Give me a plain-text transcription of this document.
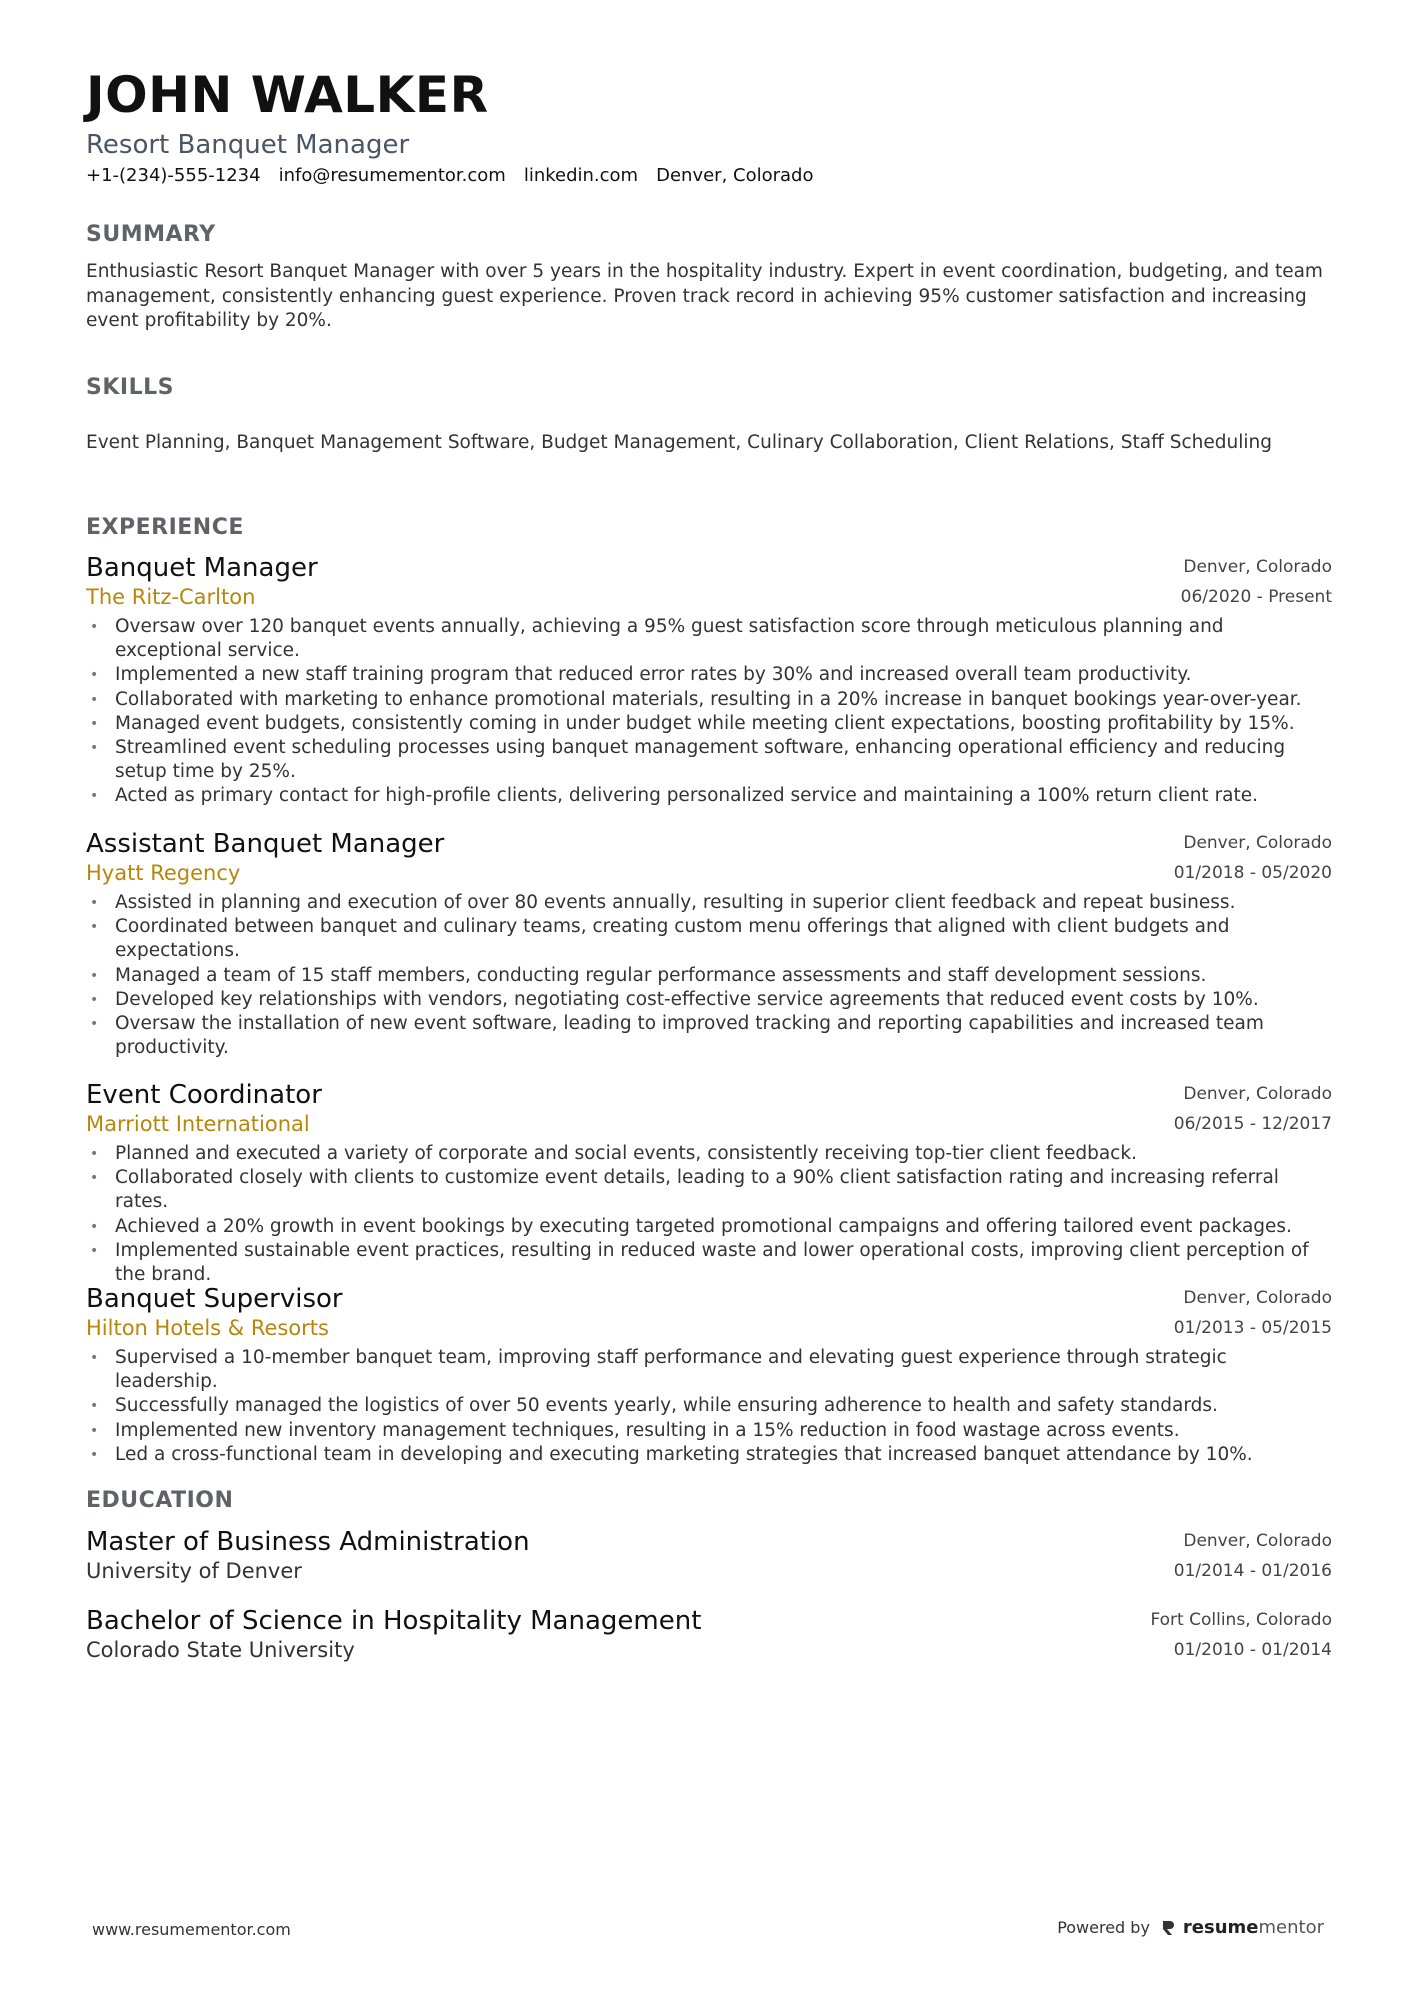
JOHN WALKER
Resort Banquet Manager
+1-(234)-555-1234 info@resumementor.com linkedin.com Denver, Colorado
SUMMARY
Enthusiastic Resort Banquet Manager with over 5 years in the hospitality industry. Expert in event coordination, budgeting, and team management, consistently enhancing guest experience. Proven track record in achieving 95% customer satisfaction and increasing event profitability by 20%.
SKILLS
Event Planning, Banquet Management Software, Budget Management, Culinary Collaboration, Client Relations, Staff Scheduling
EXPERIENCE
Banquet Manager
The Ritz-Carlton
Denver, Colorado
06/2020 - Present
• Oversaw over 120 banquet events annually, achieving a 95% guest satisfaction score through meticulous planning and exceptional service.
• Implemented a new staff training program that reduced error rates by 30% and increased overall team productivity.
• Collaborated with marketing to enhance promotional materials, resulting in a 20% increase in banquet bookings year-over-year.
• Managed event budgets, consistently coming in under budget while meeting client expectations, boosting profitability by 15%.
• Streamlined event scheduling processes using banquet management software, enhancing operational efficiency and reducing setup time by 25%.
• Acted as primary contact for high-profile clients, delivering personalized service and maintaining a 100% return client rate.
Assistant Banquet Manager
Hyatt Regency
Denver, Colorado
01/2018 - 05/2020
• Assisted in planning and execution of over 80 events annually, resulting in superior client feedback and repeat business.
• Coordinated between banquet and culinary teams, creating custom menu offerings that aligned with client budgets and expectations.
• Managed a team of 15 staff members, conducting regular performance assessments and staff development sessions.
• Developed key relationships with vendors, negotiating cost-effective service agreements that reduced event costs by 10%.
• Oversaw the installation of new event software, leading to improved tracking and reporting capabilities and increased team productivity.
Event Coordinator
Marriott International
Denver, Colorado
06/2015 - 12/2017
• Planned and executed a variety of corporate and social events, consistently receiving top-tier client feedback.
• Collaborated closely with clients to customize event details, leading to a 90% client satisfaction rating and increasing referral rates.
• Achieved a 20% growth in event bookings by executing targeted promotional campaigns and offering tailored event packages.
• Implemented sustainable event practices, resulting in reduced waste and lower operational costs, improving client perception of the brand.
Banquet Supervisor
Hilton Hotels & Resorts
Denver, Colorado
01/2013 - 05/2015
• Supervised a 10-member banquet team, improving staff performance and elevating guest experience through strategic leadership.
• Successfully managed the logistics of over 50 events yearly, while ensuring adherence to health and safety standards.
• Implemented new inventory management techniques, resulting in a 15% reduction in food wastage across events.
• Led a cross-functional team in developing and executing marketing strategies that increased banquet attendance by 10%.
EDUCATION
Master of Business Administration
University of Denver
Denver, Colorado
01/2014 - 01/2016
Bachelor of Science in Hospitality Management
Colorado State University
Fort Collins, Colorado
01/2010 - 01/2014
www.resumementor.com	Powered by resume mentor
